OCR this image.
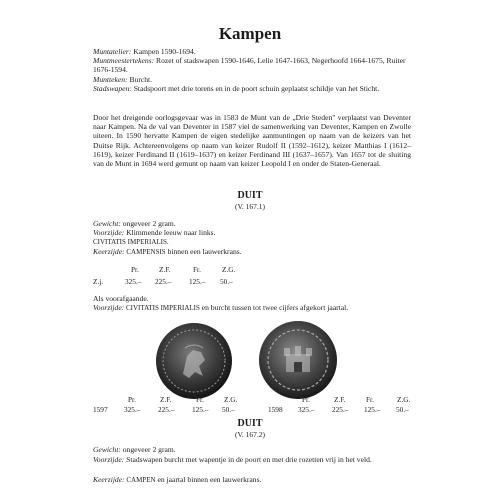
Kampen
Muntatelier: Kampen 1590-1694.
Muntmeestertekens: Rozet of stadswapen 1590-1646, Lelie 1647-1663, Negerhoofd 1664-1675, Ruiter 1676-1594.
Muntteken: Burcht.
Stadswapen: Stadspoort met drie torens en in de poort schuin geplaatst schildje van het Sticht.
Door het dreigende oorlogsgevaar was in 1583 de Munt van de „Drie Steden" verplaatst van Deventer naar Kampen. Na de val van Deventer in 1587 viel de samenwerking van Deventer, Kampen en Zwolle uiteen. In 1590 hervatte Kampen de eigen stedelijke aanmuntingen op naam van de keizers van het Duitse Rijk. Achtereenvolgens op naam van keizer Rudolf II (1592–1612), keizer Matthias I (1612–1619), keizer Ferdinand II (1619–1637) en keizer Ferdinand III (1637–1657). Van 1657 tot de sluiting van de Munt in 1694 werd gemunt op naam van keizer Leopold I en onder de Staten-Generaal.
DUIT
(V. 167.1)
Gewicht: ongeveer 2 gram.
Voorzijde: Klimmende leeuw naar links.
CIVITATIS IMPERIALIS.
Keerzijde: CAMPENSIS binnen een lauwerkrans.
Pr.	Z.F.	Fr.	Z.G.
Z.j.	325.– 225.– 125.– 50.–
Als voorafgaande.
Voorzijde: CIVITATIS IMPERIALIS en burcht tussen tot twee cijfers afgekort jaartal.
Pr.	Z.F.	Fr.	Z.G.
1597 325.– 225.– 125.– 50.–
Pr.	Z.F.	Fr.	Z.G.
1598 325.– 225.– 125.– 50.–
DUIT
(V. 167.2)
Gewicht: ongeveer 2 gram.
Voorzijde: Stadswapen burcht met wapentje in de poort en met drie rozetten vrij in het veld.
Keerzijde: CAMPEN en jaartal binnen een lauwerkrans.
